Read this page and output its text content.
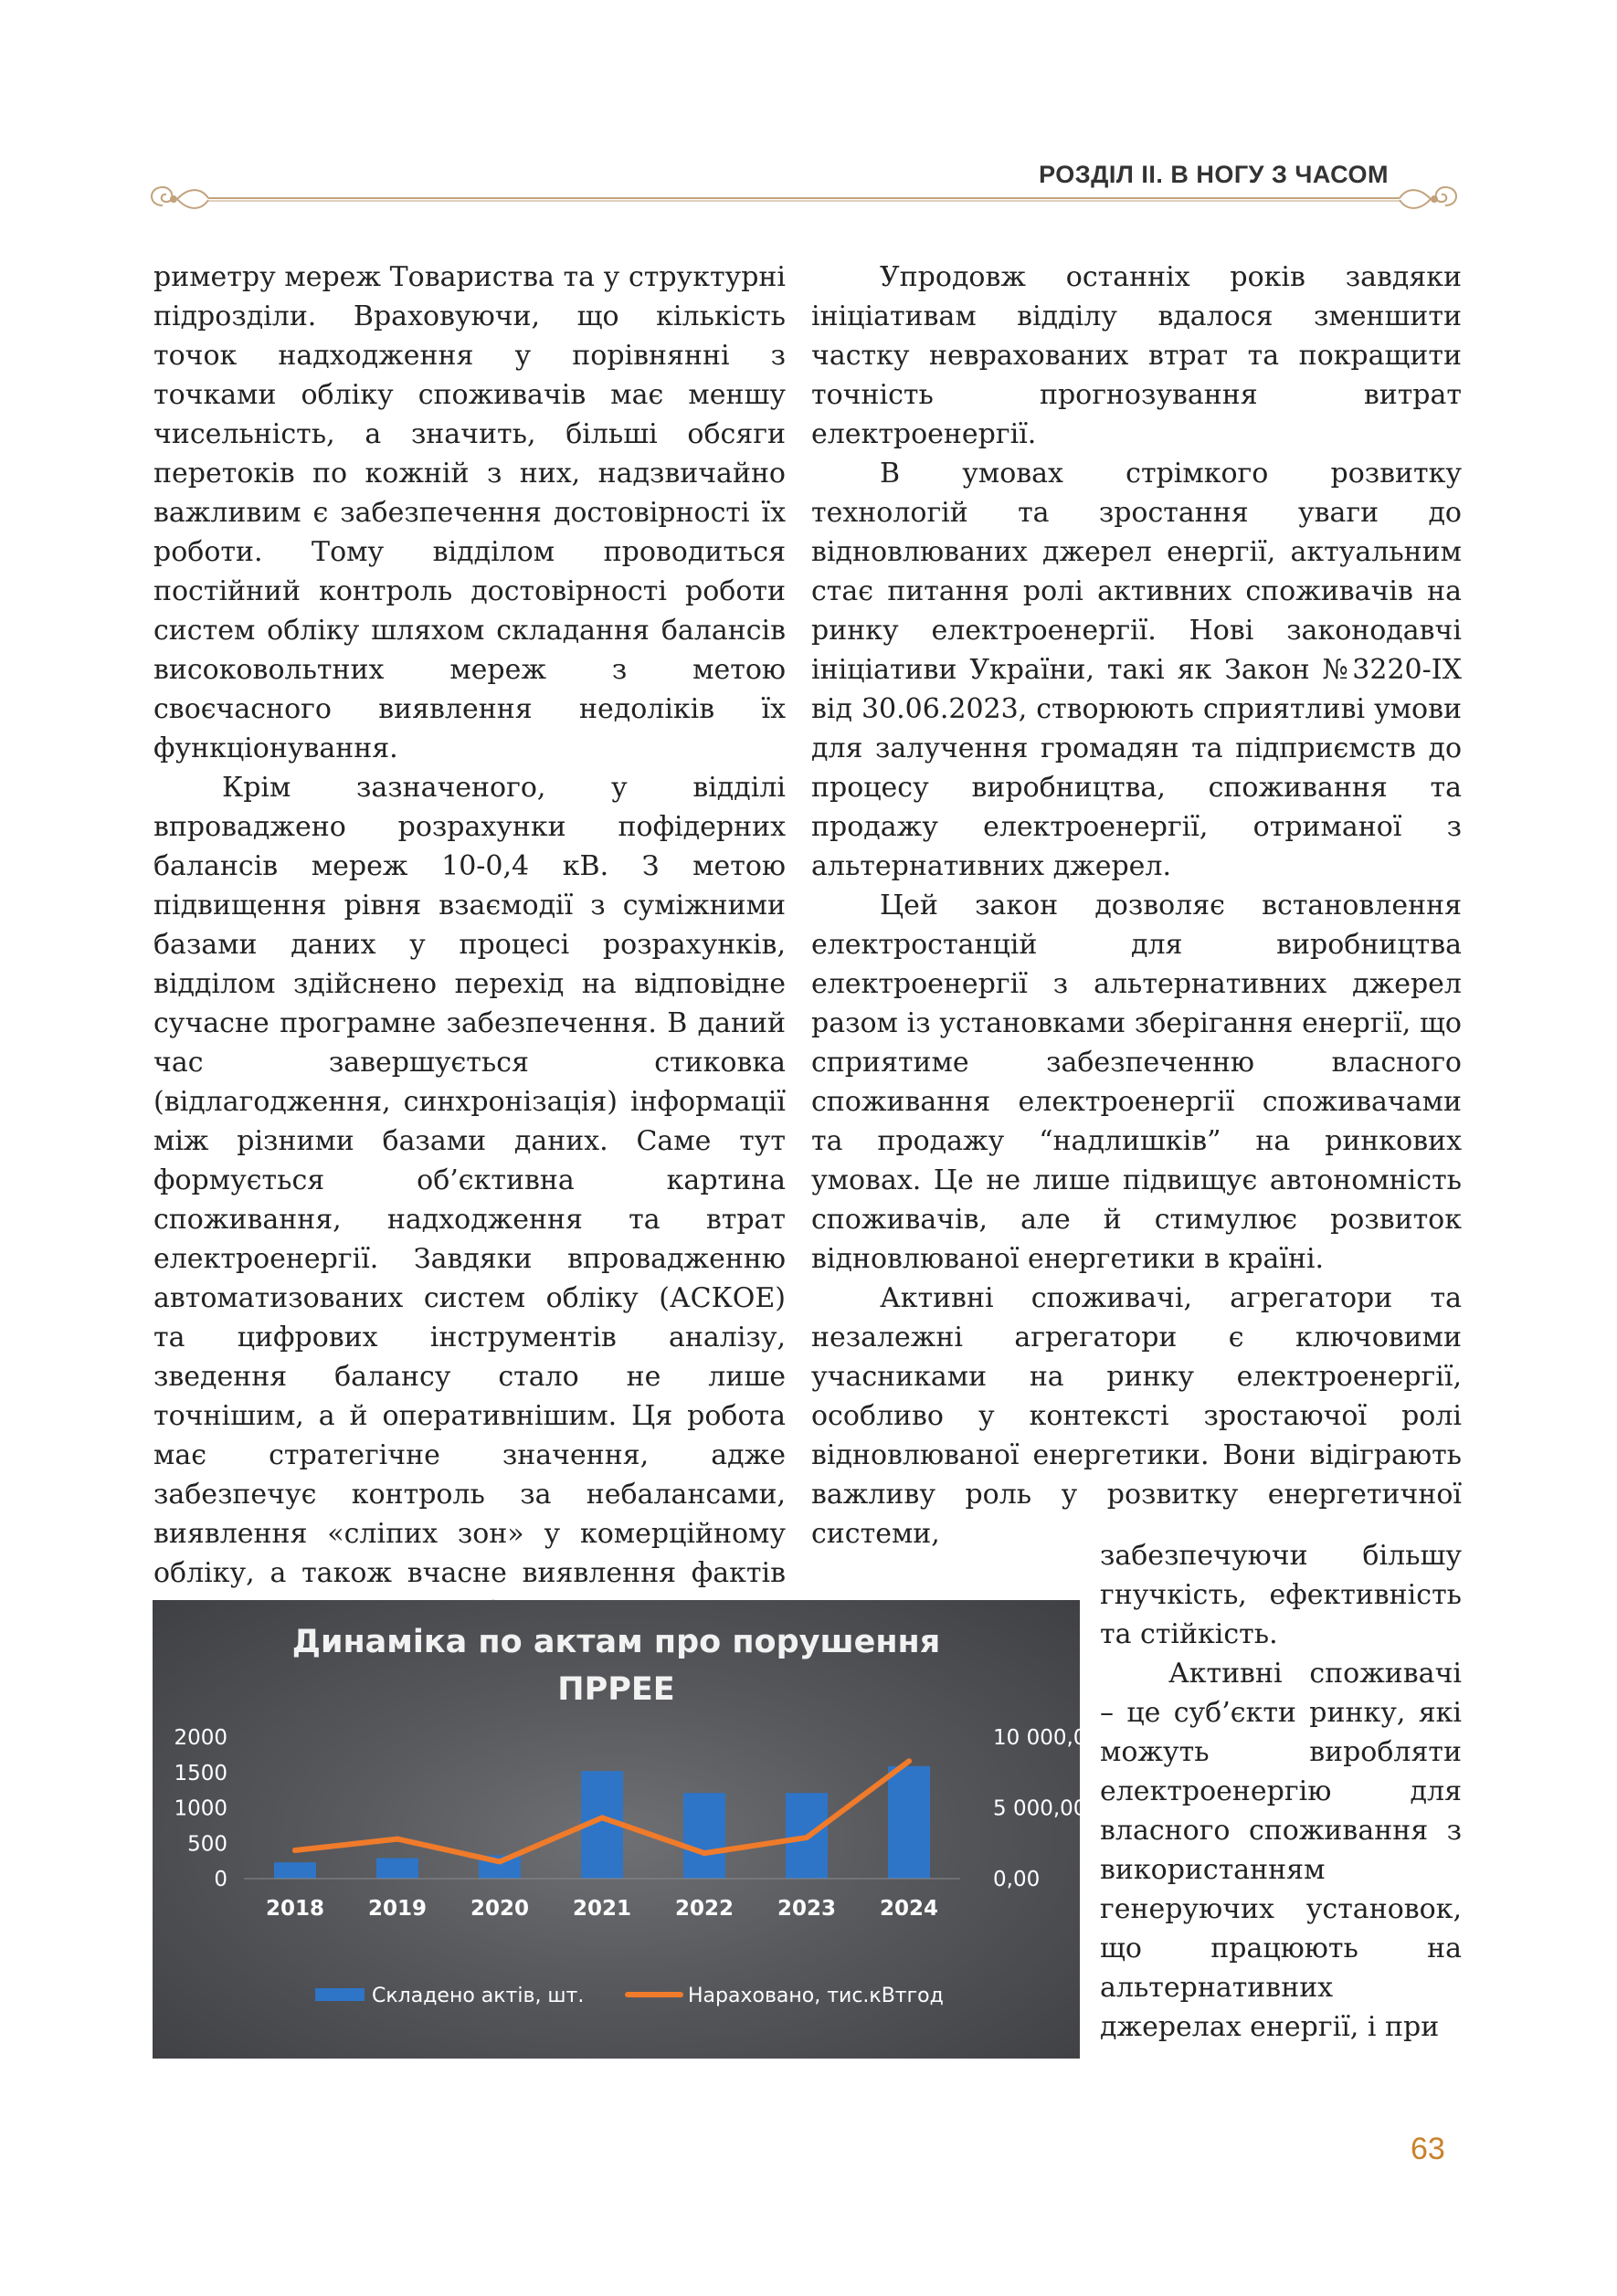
РОЗДІЛ ІІ. В НОГУ З ЧАСОМ

риметру мереж Товариства та у структурні підрозділи. Враховуючи, що кількість точок надходження у порівнянні з точками обліку споживачів має меншу чисельність, а значить, більші обсяги перетоків по кожній з них, надзвичайно важливим є забезпечення достовірності їх роботи. Тому відділом проводиться постійний контроль достовірності роботи систем обліку шляхом складання балансів високовольтних мереж з метою своєчасного виявлення недоліків їх функціонування.

Крім зазначеного, у відділі впроваджено розрахунки пофідерних балансів мереж 10-0,4 кВ. З метою підвищення рівня взаємодії з суміжними базами даних у процесі розрахунків, відділом здійснено перехід на відповідне сучасне програмне забезпечення. В даний час завершується стиковка (відлагодження, синхронізація) інформації між різними базами даних. Саме тут формується об’єктивна картина споживання, надходження та втрат електроенергії. Завдяки впровадженню автоматизованих систем обліку (АСКОЕ) та цифрових інструментів аналізу, зведення балансу стало не лише точнішим, а й оперативнішим. Ця робота має стратегічне значення, адже забезпечує контроль за небалансами, виявлення «сліпих зон» у комерційному обліку, а також вчасне виявлення фактів

Упродовж останніх років завдяки ініціативам відділу вдалося зменшити частку неврахованих втрат та покращити точність прогнозування витрат електроенергії.

В умовах стрімкого розвитку технологій та зростання уваги до відновлюваних джерел енергії, актуальним стає питання ролі активних споживачів на ринку електроенергії. Нові законодавчі ініціативи України, такі як Закон №3220-IX від 30.06.2023, створюють сприятливі умови для залучення громадян та підприємств до процесу виробництва, споживання та продажу електроенергії, отриманої з альтернативних джерел.

Цей закон дозволяє встановлення електростанцій для виробництва електроенергії з альтернативних джерел разом із установками зберігання енергії, що сприятиме забезпеченню власного споживання електроенергії споживачами та продажу “надлишків” на ринкових умовах. Це не лише підвищує автономність споживачів, але й стимулює розвиток відновлюваної енергетики в країні.

Активні споживачі, агрегатори та незалежні агрегатори є ключовими учасниками на ринку електроенергії, особливо у контексті зростаючої ролі відновлюваної енергетики. Вони відіграють важливу роль у розвитку енергетичної системи,

забезпечуючи більшу гнучкість, ефективність та стійкість.

Активні споживачі – це суб’єкти ринку, які можуть виробляти електроенергію для власного споживання з використанням генеруючих установок, що працюють на альтернативних джерелах енергії, і при

Динаміка по актам про порушення
ПРРЕЕ
0
500
1000
1500
2000
0,00
5 000,00
10 000,00
2018 2019 2020 2021 2022 2023 2024
Складено актів, шт.	Нараховано, тис.кВтгод
63
